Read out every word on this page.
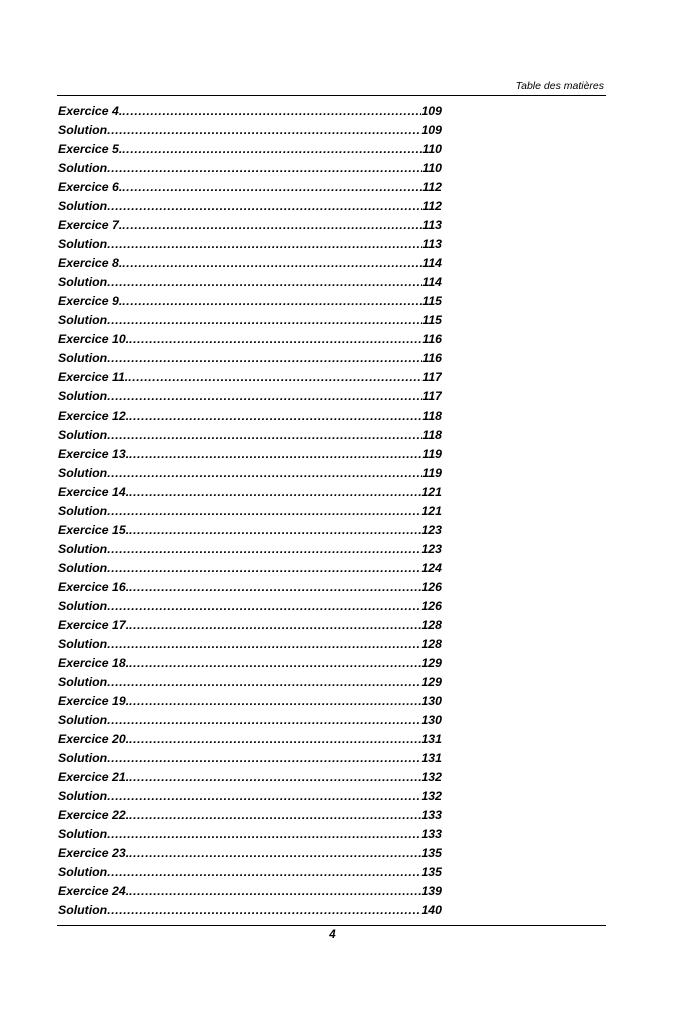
Table des matières
Exercice 4. .....	109
Solution .....	109
Exercice 5. .....	110
Solution .....	110
Exercice 6. .....	112
Solution .....	112
Exercice 7. .....	113
Solution .....	113
Exercice 8. .....	114
Solution .....	114
Exercice 9. .....	115
Solution .....	115
Exercice 10. .....	116
Solution .....	116
Exercice 11. .....	117
Solution .....	117
Exercice 12. .....	118
Solution .....	118
Exercice 13. .....	119
Solution .....	119
Exercice 14. .....	121
Solution .....	121
Exercice 15. .....	123
Solution .....	123
Solution .....	124
Exercice 16. .....	126
Solution .....	126
Exercice 17. .....	128
Solution .....	128
Exercice 18. .....	129
Solution .....	129
Exercice 19. .....	130
Solution .....	130
Exercice 20. .....	131
Solution .....	131
Exercice 21. .....	132
Solution .....	132
Exercice 22. .....	133
Solution .....	133
Exercice 23. .....	135
Solution .....	135
Exercice 24. .....	139
Solution .....	140
4
